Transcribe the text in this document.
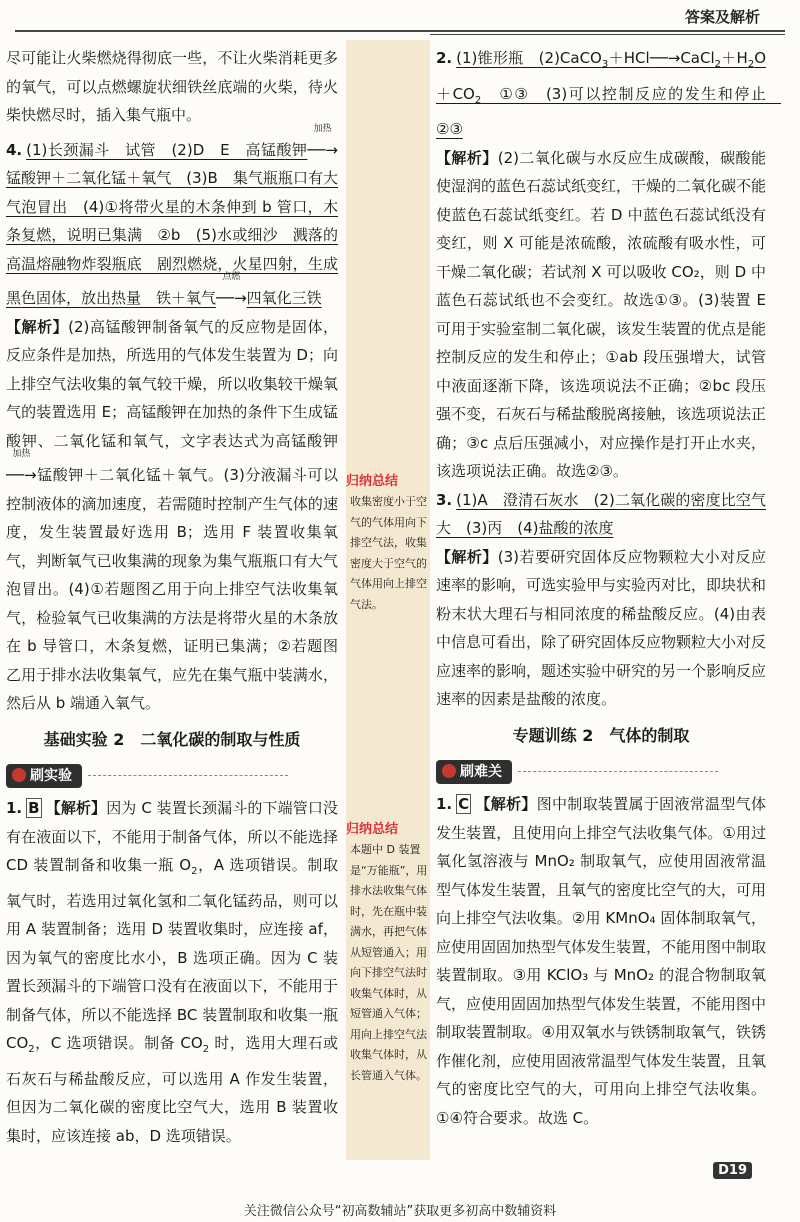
答案及解析

尽可能让火柴燃烧得彻底一些，不让火柴消耗更多的氧气，可以点燃螺旋状细铁丝底端的火柴，待火柴快燃尽时，插入集气瓶中。

4. (1)长颈漏斗　试管　(2)D　E　高锰酸钾
加热
──→锰酸钾＋二氧化锰＋氧气　(3)B　集气瓶瓶口有大气泡冒出　(4)①将带火星的木条伸到 b 管口，木条复燃，说明已集满　②b　(5)水或细沙　溅落的高温熔融物炸裂瓶底　剧烈燃烧，火星四射，生成黑色固体，放出热量　铁＋氧气
点燃
──→四氧化三铁

【解析】(2)高锰酸钾制备氧气的反应物是固体，反应条件是加热，所选用的气体发生装置为 D；向上排空气法收集的氧气较干燥，所以收集较干燥氧气的装置选用 E；高锰酸钾在加热的条件下生成锰酸钾、二氧化锰和氧气，文字表达式为高锰酸钾
加热
──→锰酸钾＋二氧化锰＋氧气。(3)分液漏斗可以控制液体的滴加速度，若需随时控制产生气体的速度，发生装置最好选用 B；选用 F 装置收集氧气，判断氧气已收集满的现象为集气瓶瓶口有大气泡冒出。(4)①若题图乙用于向上排空气法收集氧气，检验氧气已收集满的方法是将带火星的木条放在 b 导管口，木条复燃，证明已集满；②若题图乙用于排水法收集氧气，应先在集气瓶中装满水，然后从 b 端通入氧气。

基础实验 2　二氧化碳的制取与性质
刷实验

1. B 【解析】因为 C 装置长颈漏斗的下端管口没有在液面以下，不能用于制备气体，所以不能选择 CD 装置制备和收集一瓶 $O_2$，A 选项错误。制取氧气时，若选用过氧化氢和二氧化锰药品，则可以用 A 装置制备；选用 D 装置收集时，应连接 af，因为氧气的密度比水小，B 选项正确。因为 C 装置长颈漏斗的下端管口没有在液面以下，不能用于制备气体，所以不能选择 BC 装置制取和收集一瓶 $CO_2$，C 选项错误。制备 $CO_2$ 时，选用大理石或石灰石与稀盐酸反应，可以选用 A 作发生装置，但因为二氧化碳的密度比空气大，选用 B 装置收集时，应该连接 ab，D 选项错误。

归纳总结
收集密度小于空气的气体用向下排空气法，收集密度大于空气的气体用向上排空气法。
归纳总结
本题中 D 装置是“万能瓶”，用排水法收集气体时，先在瓶中装满水，再把气体从短管通入；用向下排空气法时收集气体时，从短管通入气体；用向上排空气法收集气体时，从长管通入气体。

2. (1)锥形瓶　$(2)CaCO_3+HCl──\to CaCl_2+H_2O+CO_2$　①③　(3)可以控制反应的发生和停止　②③

【解析】(2)二氧化碳与水反应生成碳酸，碳酸能使湿润的蓝色石蕊试纸变红，干燥的二氧化碳不能使蓝色石蕊试纸变红。若 D 中蓝色石蕊试纸没有变红，则 X 可能是浓硫酸，浓硫酸有吸水性，可干燥二氧化碳；若试剂 X 可以吸收 CO₂，则 D 中蓝色石蕊试纸也不会变红。故选①③。(3)装置 E 可用于实验室制二氧化碳，该发生装置的优点是能控制反应的发生和停止；①ab 段压强增大，试管中液面逐渐下降，该选项说法不正确；②bc 段压强不变，石灰石与稀盐酸脱离接触，该选项说法正确；③c 点后压强减小，对应操作是打开止水夹，该选项说法正确。故选②③。

3. (1)A　澄清石灰水　(2)二氧化碳的密度比空气大　(3)丙　(4)盐酸的浓度

【解析】(3)若要研究固体反应物颗粒大小对反应速率的影响，可选实验甲与实验丙对比，即块状和粉末状大理石与相同浓度的稀盐酸反应。(4)由表中信息可看出，除了研究固体反应物颗粒大小对反应速率的影响，题述实验中研究的另一个影响反应速率的因素是盐酸的浓度。

专题训练 2　气体的制取
刷难关

1. C 【解析】图中制取装置属于固液常温型气体发生装置，且使用向上排空气法收集气体。①用过氧化氢溶液与 MnO₂ 制取氧气，应使用固液常温型气体发生装置，且氧气的密度比空气的大，可用向上排空气法收集。②用 KMnO₄ 固体制取氧气，应使用固固加热型气体发生装置，不能用图中制取装置制取。③用 KClO₃ 与 MnO₂ 的混合物制取氧气，应使用固固加热型气体发生装置，不能用图中制取装置制取。④用双氧水与铁锈制取氧气，铁锈作催化剂，应使用固液常温型气体发生装置，且氧气的密度比空气的大，可用向上排空气法收集。①④符合要求。故选 C。

D19
关注微信公众号“初高数辅站”获取更多初高中数辅资料
